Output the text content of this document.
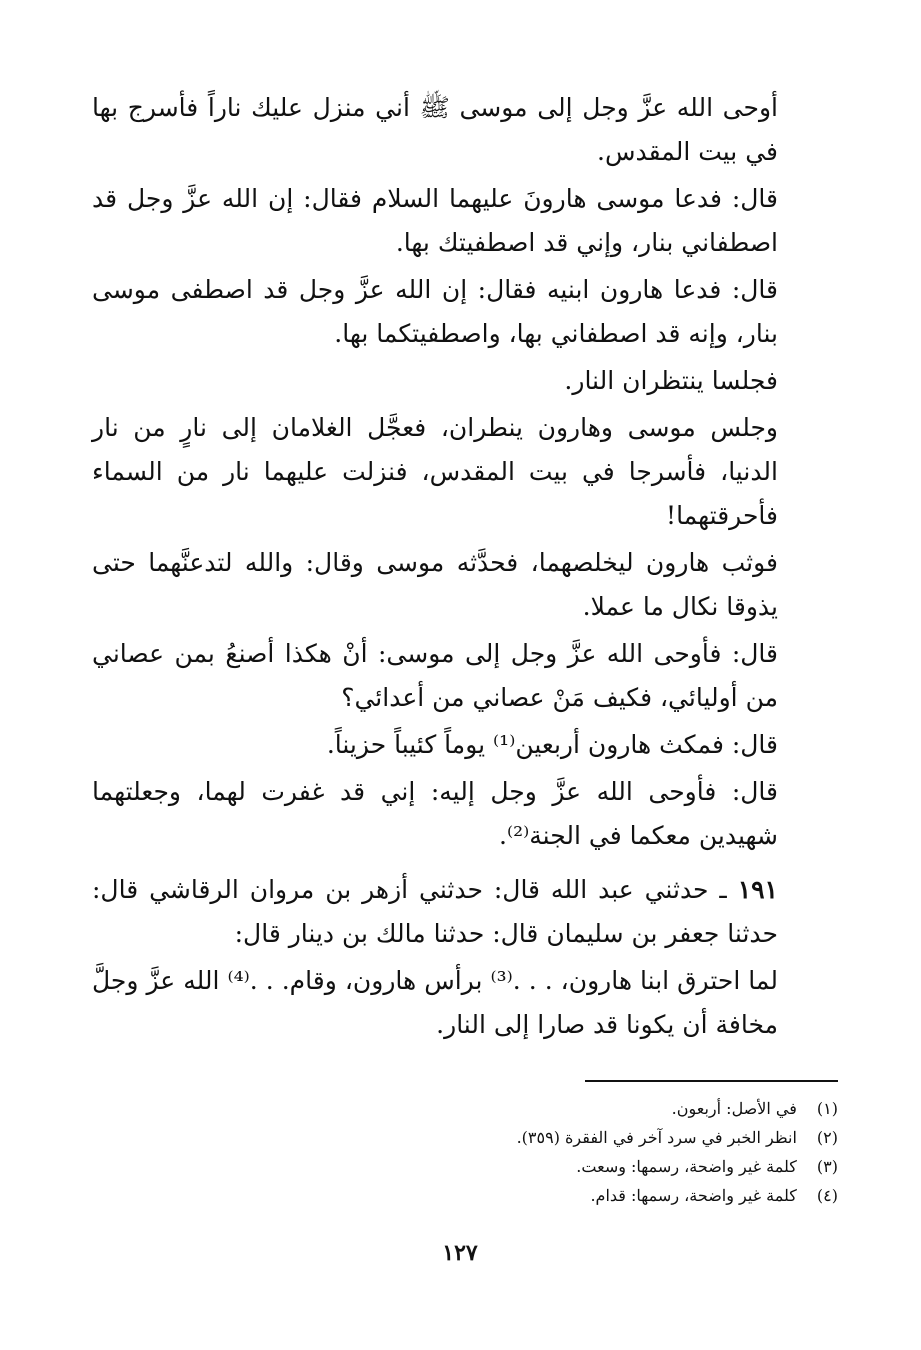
أوحى الله عزَّ وجل إلى موسى ﷺ أني منزل عليك ناراً فأسرج بها في بيت المقدس.

قال: فدعا موسى هارونَ عليهما السلام فقال: إن الله عزَّ وجل قد اصطفاني بنار، وإني قد اصطفيتك بها.

قال: فدعا هارون ابنيه فقال: إن الله عزَّ وجل قد اصطفى موسى بنار، وإنه قد اصطفاني بها، واصطفيتكما بها.

فجلسا ينتظران النار.

وجلس موسى وهارون ينطران، فعجَّل الغلامان إلى نارٍ من نار الدنيا، فأسرجا في بيت المقدس، فنزلت عليهما نار من السماء فأحرقتهما!

فوثب هارون ليخلصهما، فحدَّثه موسى وقال: والله لتدعنَّهما حتى يذوقا نكال ما عملا.

قال: فأوحى الله عزَّ وجل إلى موسى: أنْ هكذا أصنعُ بمن عصاني من أوليائي، فكيف مَنْ عصاني من أعدائي؟

قال: فمكث هارون أربعين⁽¹⁾ يوماً كئيباً حزيناً.

قال: فأوحى الله عزَّ وجل إليه: إني قد غفرت لهما، وجعلتهما شهيدين معكما في الجنة⁽²⁾.

١٩١ ـ حدثني عبد الله قال: حدثني أزهر بن مروان الرقاشي قال: حدثنا جعفر بن سليمان قال: حدثنا مالك بن دينار قال:

لما احترق ابنا هارون، . . .⁽³⁾ برأس هارون، وقام. . .⁽⁴⁾ الله عزَّ وجلَّ مخافة أن يكونا قد صارا إلى النار.

(١) في الأصل: أربعون.

(٢) انظر الخبر في سرد آخر في الفقرة (٣٥٩).

(٣) كلمة غير واضحة، رسمها: وسعت.

(٤) كلمة غير واضحة، رسمها: قدام.

١٢٧
